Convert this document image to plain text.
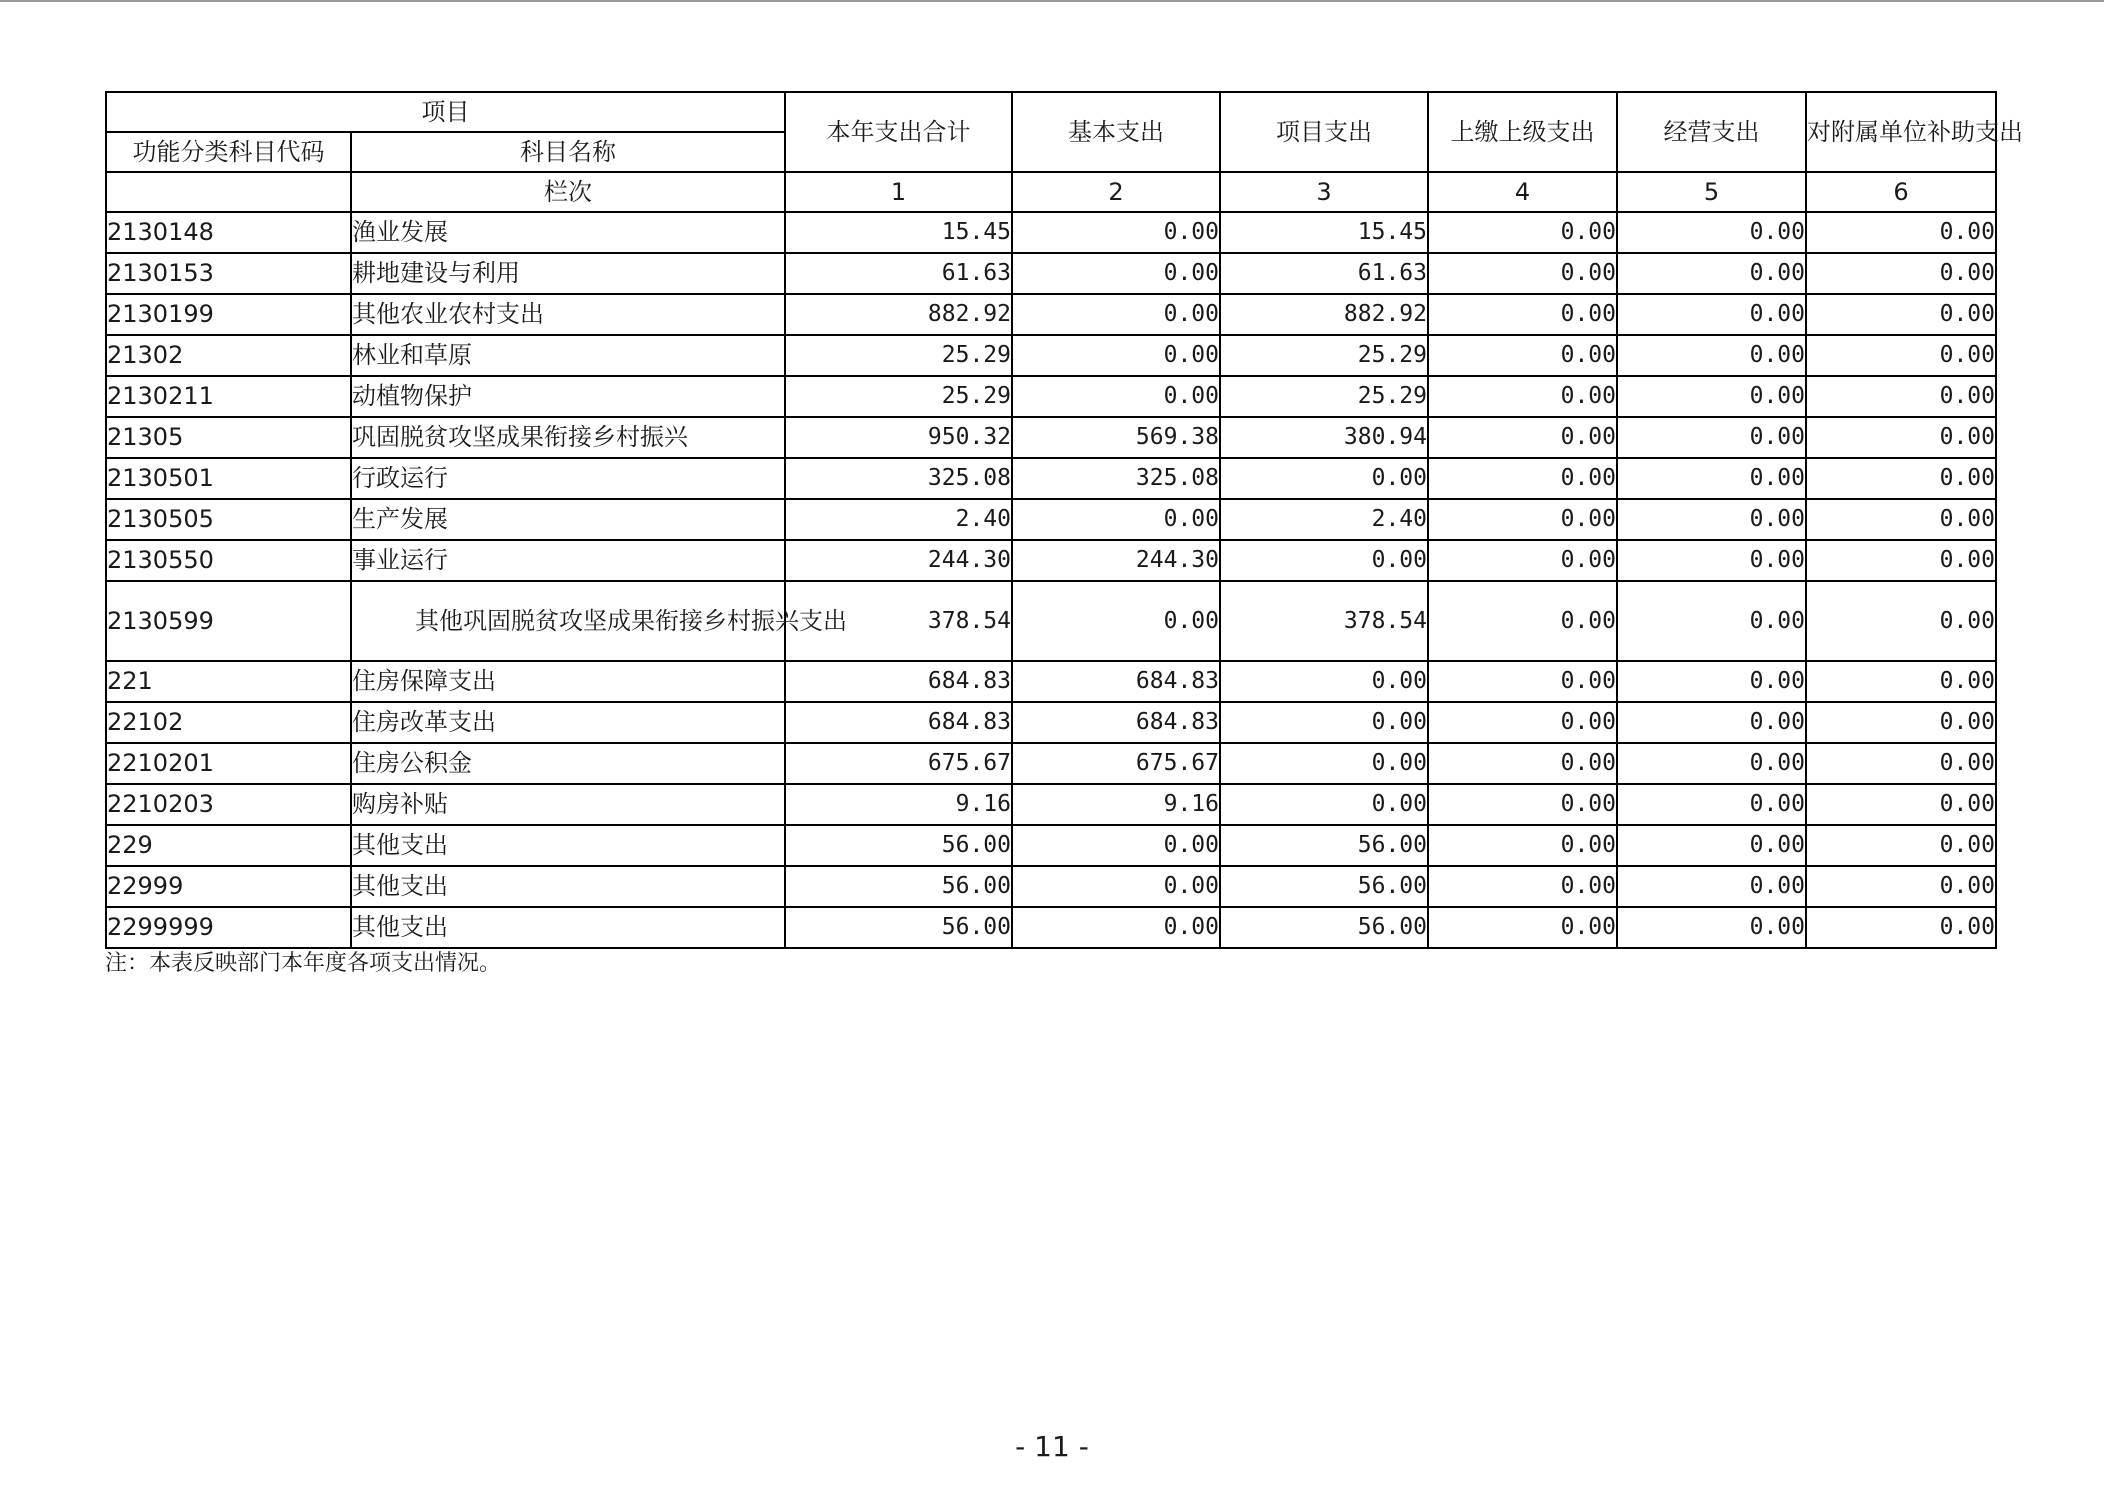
项目		本年支出合计	基本支出	项目支出	上缴上级支出	经营支出	对附属单位补助支出
功能分类科目代码	科目名称						
	栏次	1	2	3	4	5	6
2130148	渔业发展	15.45	0.00	15.45	0.00	0.00	0.00
2130153	耕地建设与利用	61.63	0.00	61.63	0.00	0.00	0.00
2130199	其他农业农村支出	882.92	0.00	882.92	0.00	0.00	0.00
21302	林业和草原	25.29	0.00	25.29	0.00	0.00	0.00
2130211	动植物保护	25.29	0.00	25.29	0.00	0.00	0.00
21305	巩固脱贫攻坚成果衔接乡村振兴	950.32	569.38	380.94	0.00	0.00	0.00
2130501	行政运行	325.08	325.08	0.00	0.00	0.00	0.00
2130505	生产发展	2.40	0.00	2.40	0.00	0.00	0.00
2130550	事业运行	244.30	244.30	0.00	0.00	0.00	0.00
2130599	其他巩固脱贫攻坚成果衔接乡村振兴支出	378.54	0.00	378.54	0.00	0.00	0.00
221	住房保障支出	684.83	684.83	0.00	0.00	0.00	0.00
22102	住房改革支出	684.83	684.83	0.00	0.00	0.00	0.00
2210201	住房公积金	675.67	675.67	0.00	0.00	0.00	0.00
2210203	购房补贴	9.16	9.16	0.00	0.00	0.00	0.00
229	其他支出	56.00	0.00	56.00	0.00	0.00	0.00
22999	其他支出	56.00	0.00	56.00	0.00	0.00	0.00
2299999	其他支出	56.00	0.00	56.00	0.00	0.00	0.00
注：本表反映部门本年度各项支出情况。
- 11 -
